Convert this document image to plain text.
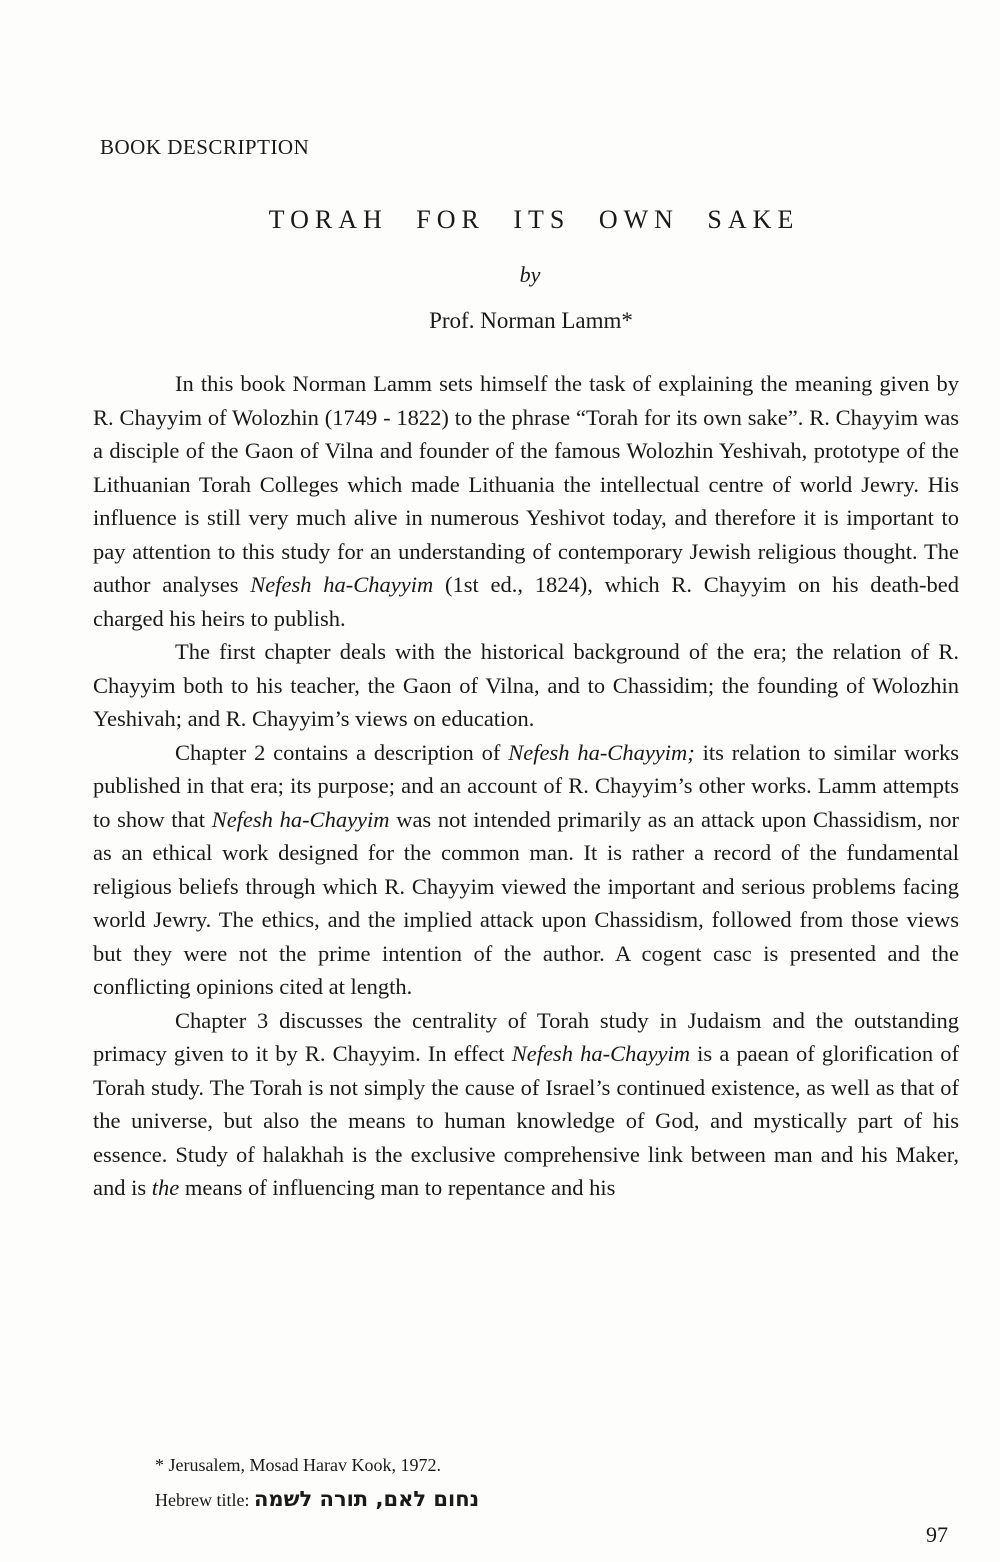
BOOK DESCRIPTION
TORAH FOR ITS OWN SAKE
by
Prof. Norman Lamm*

In this book Norman Lamm sets himself the task of explaining the meaning given by R. Chayyim of Wolozhin (1749 - 1822) to the phrase “Torah for its own sake”. R. Chayyim was a disciple of the Gaon of Vilna and founder of the famous Wolozhin Yeshivah, prototype of the Lithuanian Torah Colleges which made Lithuania the intellectual centre of world Jewry. His influence is still very much alive in numerous Yeshivot today, and therefore it is important to pay attention to this study for an understanding of contemporary Jewish religious thought. The author analyses Nefesh ha-Chayyim (1st ed., 1824), which R. Chayyim on his death-bed charged his heirs to publish.

The first chapter deals with the historical background of the era; the relation of R. Chayyim both to his teacher, the Gaon of Vilna, and to Chassidim; the founding of Wolozhin Yeshivah; and R. Chayyim’s views on education.

Chapter 2 contains a description of Nefesh ha-Chayyim; its relation to similar works published in that era; its purpose; and an account of R. Chayyim’s other works. Lamm attempts to show that Nefesh ha-Chayyim was not intended primarily as an attack upon Chassidism, nor as an ethical work designed for the common man. It is rather a record of the fundamental religious beliefs through which R. Chayyim viewed the important and serious problems facing world Jewry. The ethics, and the implied attack upon Chassidism, followed from those views but they were not the prime intention of the author. A cogent casc is presented and the conflicting opinions cited at length.

Chapter 3 discusses the centrality of Torah study in Judaism and the outstanding primacy given to it by R. Chayyim. In effect Nefesh ha-Chayyim is a paean of glorification of Torah study. The Torah is not simply the cause of Israel’s continued existence, as well as that of the universe, but also the means to human knowledge of God, and mystically part of his essence. Study of halakhah is the exclusive comprehensive link between man and his Maker, and is the means of influencing man to repentance and his

* Jerusalem, Mosad Harav Kook, 1972.
Hebrew title: נחום לאם, תורה לשמה
97
